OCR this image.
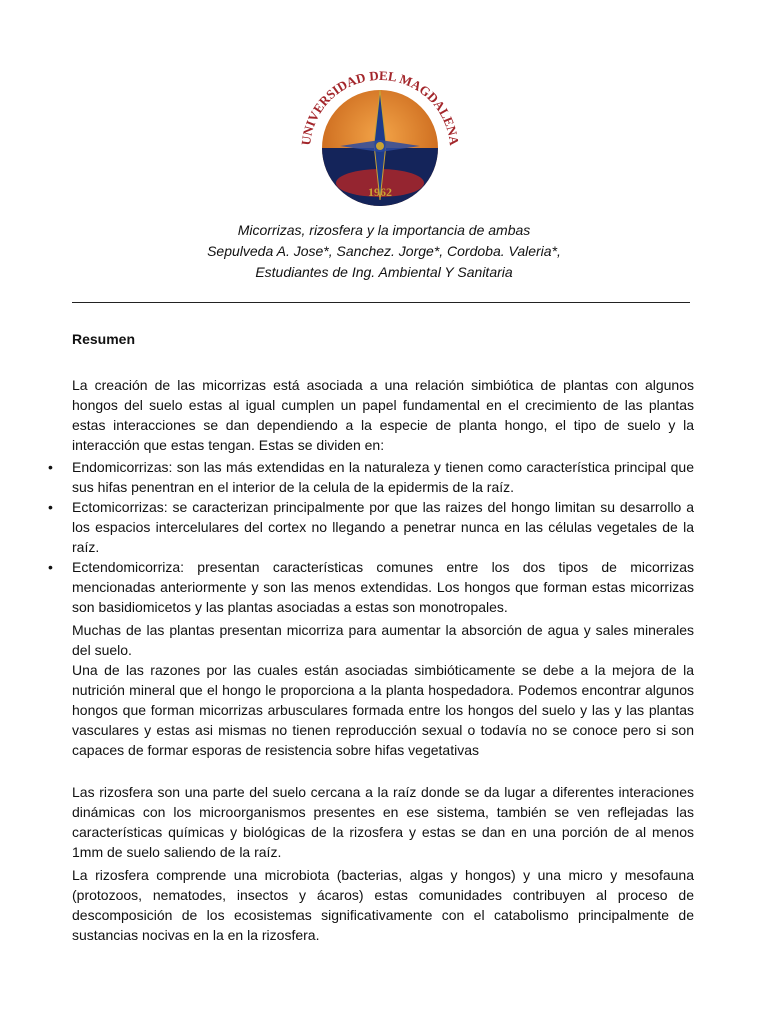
UNIVERSIDAD DEL MAGDALENA
1962
Micorrizas, rizosfera y la importancia de ambas
Sepulveda A. Jose*, Sanchez. Jorge*, Cordoba. Valeria*,
Estudiantes de Ing. Ambiental Y Sanitaria
Resumen

La creación de las micorrizas está asociada a una relación simbiótica de plantas con algunos hongos del suelo estas al igual cumplen un papel fundamental en el crecimiento de las plantas estas interacciones se dan dependiendo a la especie de planta hongo, el tipo de suelo y la interacción que estas tengan. Estas se dividen en:

• Endomicorrizas: son las más extendidas en la naturaleza y tienen como característica principal que sus hifas penentran en el interior de la celula de la epidermis de la raíz.
• Ectomicorrizas: se caracterizan principalmente por que las raizes del hongo limitan su desarrollo a los espacios intercelulares del cortex no llegando a penetrar nunca en las células vegetales de la raíz.
• Ectendomicorriza: presentan características comunes entre los dos tipos de micorrizas mencionadas anteriormente y son las menos extendidas. Los hongos que forman estas micorrizas son basidiomicetos y las plantas asociadas a estas son monotropales.

Muchas de las plantas presentan micorriza para aumentar la absorción de agua y sales minerales del suelo.

Una de las razones por las cuales están asociadas simbióticamente se debe a la mejora de la nutrición mineral que el hongo le proporciona a la planta hospedadora. Podemos encontrar algunos hongos que forman micorrizas arbusculares formada entre los hongos del suelo y las y las plantas vasculares y estas asi mismas no tienen reproducción sexual o todavía no se conoce pero si son capaces de formar esporas de resistencia sobre hifas vegetativas

Las rizosfera son una parte del suelo cercana a la raíz donde se da lugar a diferentes interaciones dinámicas con los microorganismos presentes en ese sistema, también se ven reflejadas las características químicas y biológicas de la rizosfera y estas se dan en una porción de al menos 1mm de suelo saliendo de la raíz.

La rizosfera comprende una microbiota (bacterias, algas y hongos) y una micro y mesofauna (protozoos, nematodes, insectos y ácaros) estas comunidades contribuyen al proceso de descomposición de los ecosistemas significativamente con el catabolismo principalmente de sustancias nocivas en la en la rizosfera.
